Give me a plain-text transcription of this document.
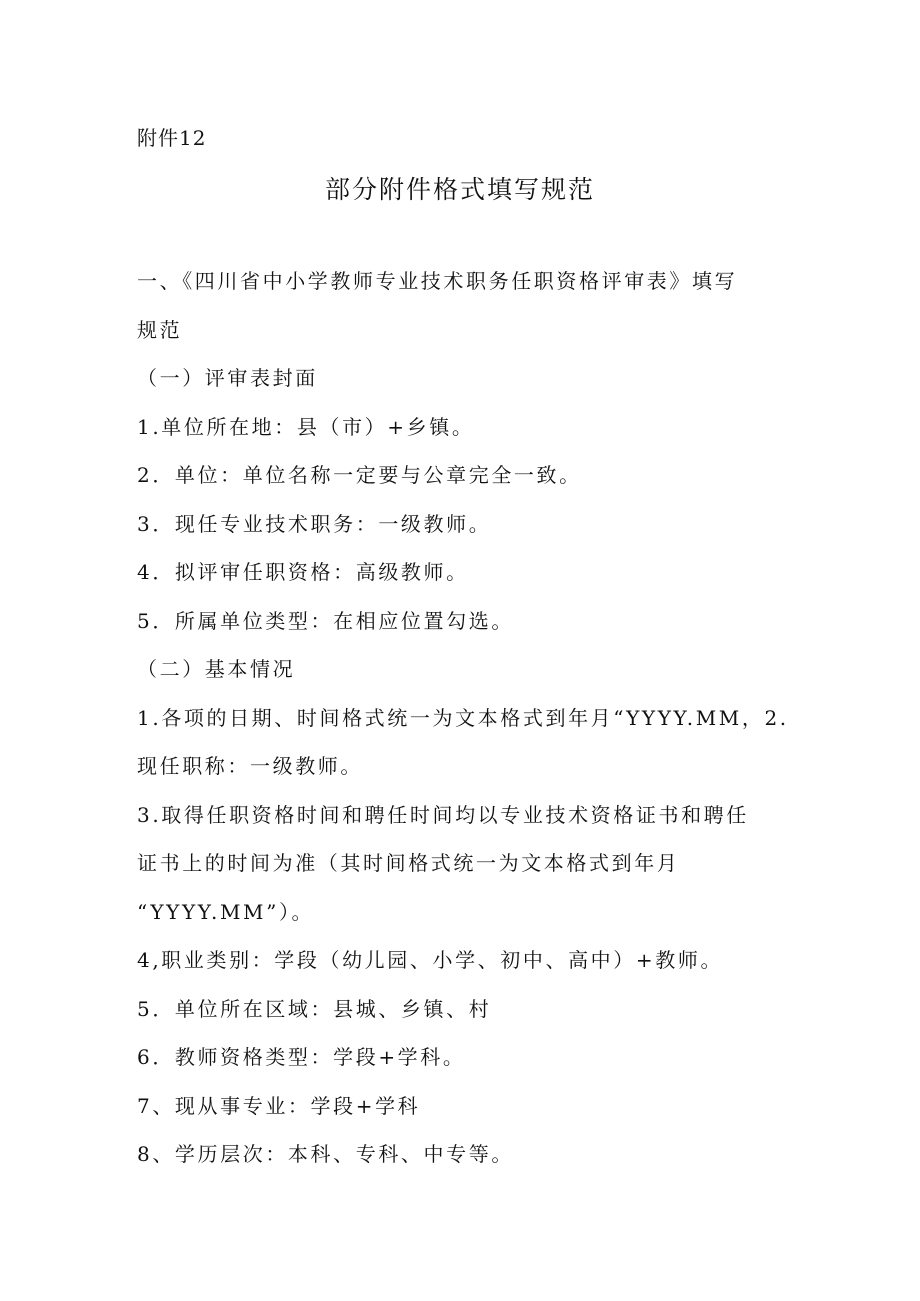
附件12
部分附件格式填写规范
一、《四川省中小学教师专业技术职务任职资格评审表》填写
规范
（一）评审表封面
1.单位所在地：县（市）+乡镇。
2．单位：单位名称一定要与公章完全一致。
3．现任专业技术职务：一级教师。
4．拟评审任职资格：高级教师。
5．所属单位类型：在相应位置勾选。
（二）基本情况
1.各项的日期、时间格式统一为文本格式到年月“YYYY.MM，2.
现任职称：一级教师。
3.取得任职资格时间和聘任时间均以专业技术资格证书和聘任
证书上的时间为准（其时间格式统一为文本格式到年月
“YYYY.MM”）。
4,职业类别：学段（幼儿园、小学、初中、高中）+教师。
5．单位所在区域：县城、乡镇、村
6．教师资格类型：学段+学科。
7、现从事专业：学段+学科
8、学历层次：本科、专科、中专等。
